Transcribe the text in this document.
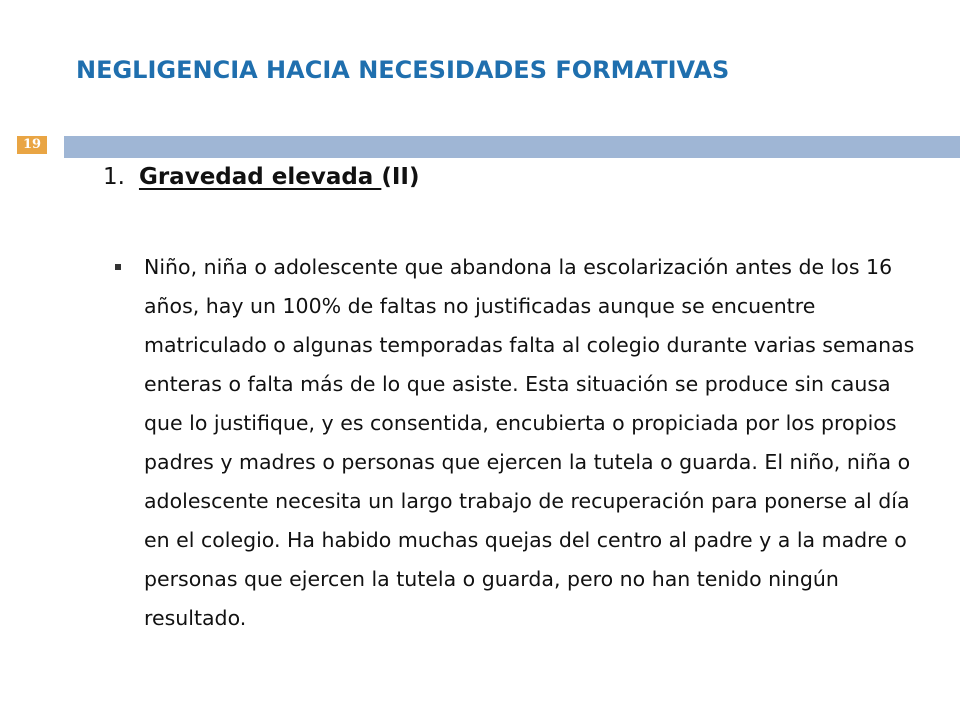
NEGLIGENCIA HACIA NECESIDADES FORMATIVAS
19
1. Gravedad elevada (II)

Niño, niña o adolescente que abandona la escolarización antes de los 16 años, hay un 100% de faltas no justificadas aunque se encuentre matriculado o algunas temporadas falta al colegio durante varias semanas enteras o falta más de lo que asiste. Esta situación se produce sin causa que lo justifique, y es consentida, encubierta o propiciada por los propios padres y madres o personas que ejercen la tutela o guarda. El niño, niña o adolescente necesita un largo trabajo de recuperación para ponerse al día en el colegio. Ha habido muchas quejas del centro al padre y a la madre o personas que ejercen la tutela o guarda, pero no han tenido ningún resultado.
